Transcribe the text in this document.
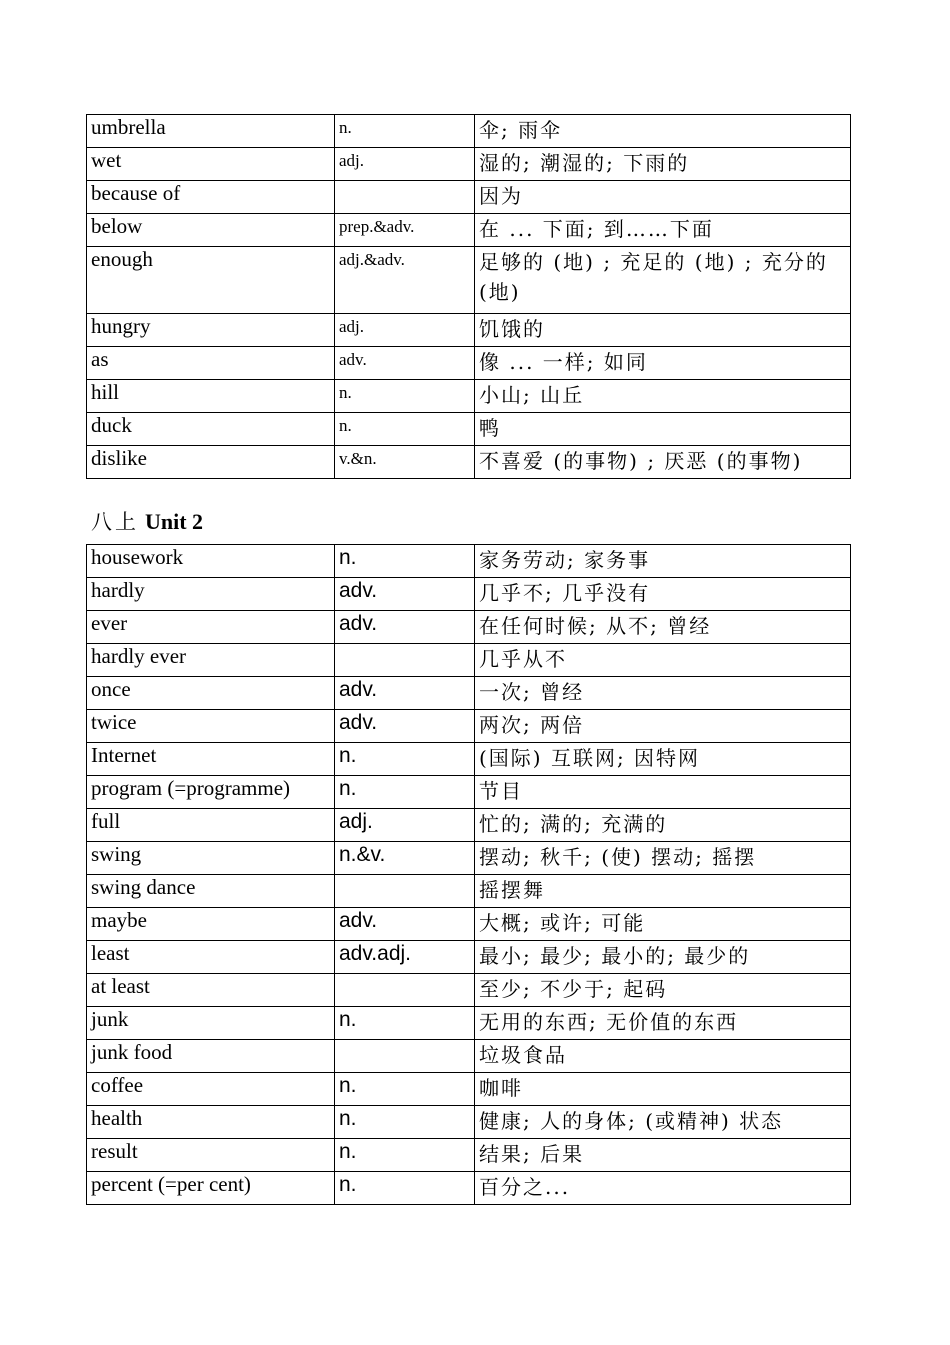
umbrella	n.	伞; 雨伞
wet	adj.	湿的; 潮湿的; 下雨的
because of		因为
below	prep.&adv.	在 ... 下面; 到……下面
enough	adj.&adv.	足够的 (地) ; 充足的 (地) ; 充分的 (地)
hungry	adj.	饥饿的
as	adv.	像 ... 一样; 如同
hill	n.	小山; 山丘
duck	n.	鸭
dislike	v.&n.	不喜爱 (的事物) ; 厌恶 (的事物)
八上 Unit 2
housework	n.	家务劳动; 家务事
hardly	adv.	几乎不; 几乎没有
ever	adv.	在任何时候; 从不; 曾经
hardly ever		几乎从不
once	adv.	一次; 曾经
twice	adv.	两次; 两倍
Internet	n.	(国际) 互联网; 因特网
program (=programme)	n.	节目
full	adj.	忙的; 满的; 充满的
swing	n.&v.	摆动; 秋千; (使) 摆动; 摇摆
swing dance		摇摆舞
maybe	adv.	大概; 或许; 可能
least	adv.adj.	最小; 最少; 最小的; 最少的
at least		至少; 不少于; 起码
junk	n.	无用的东西; 无价值的东西
junk food		垃圾食品
coffee	n.	咖啡
health	n.	健康; 人的身体; (或精神) 状态
result	n.	结果; 后果
percent (=per cent)	n.	百分之...
